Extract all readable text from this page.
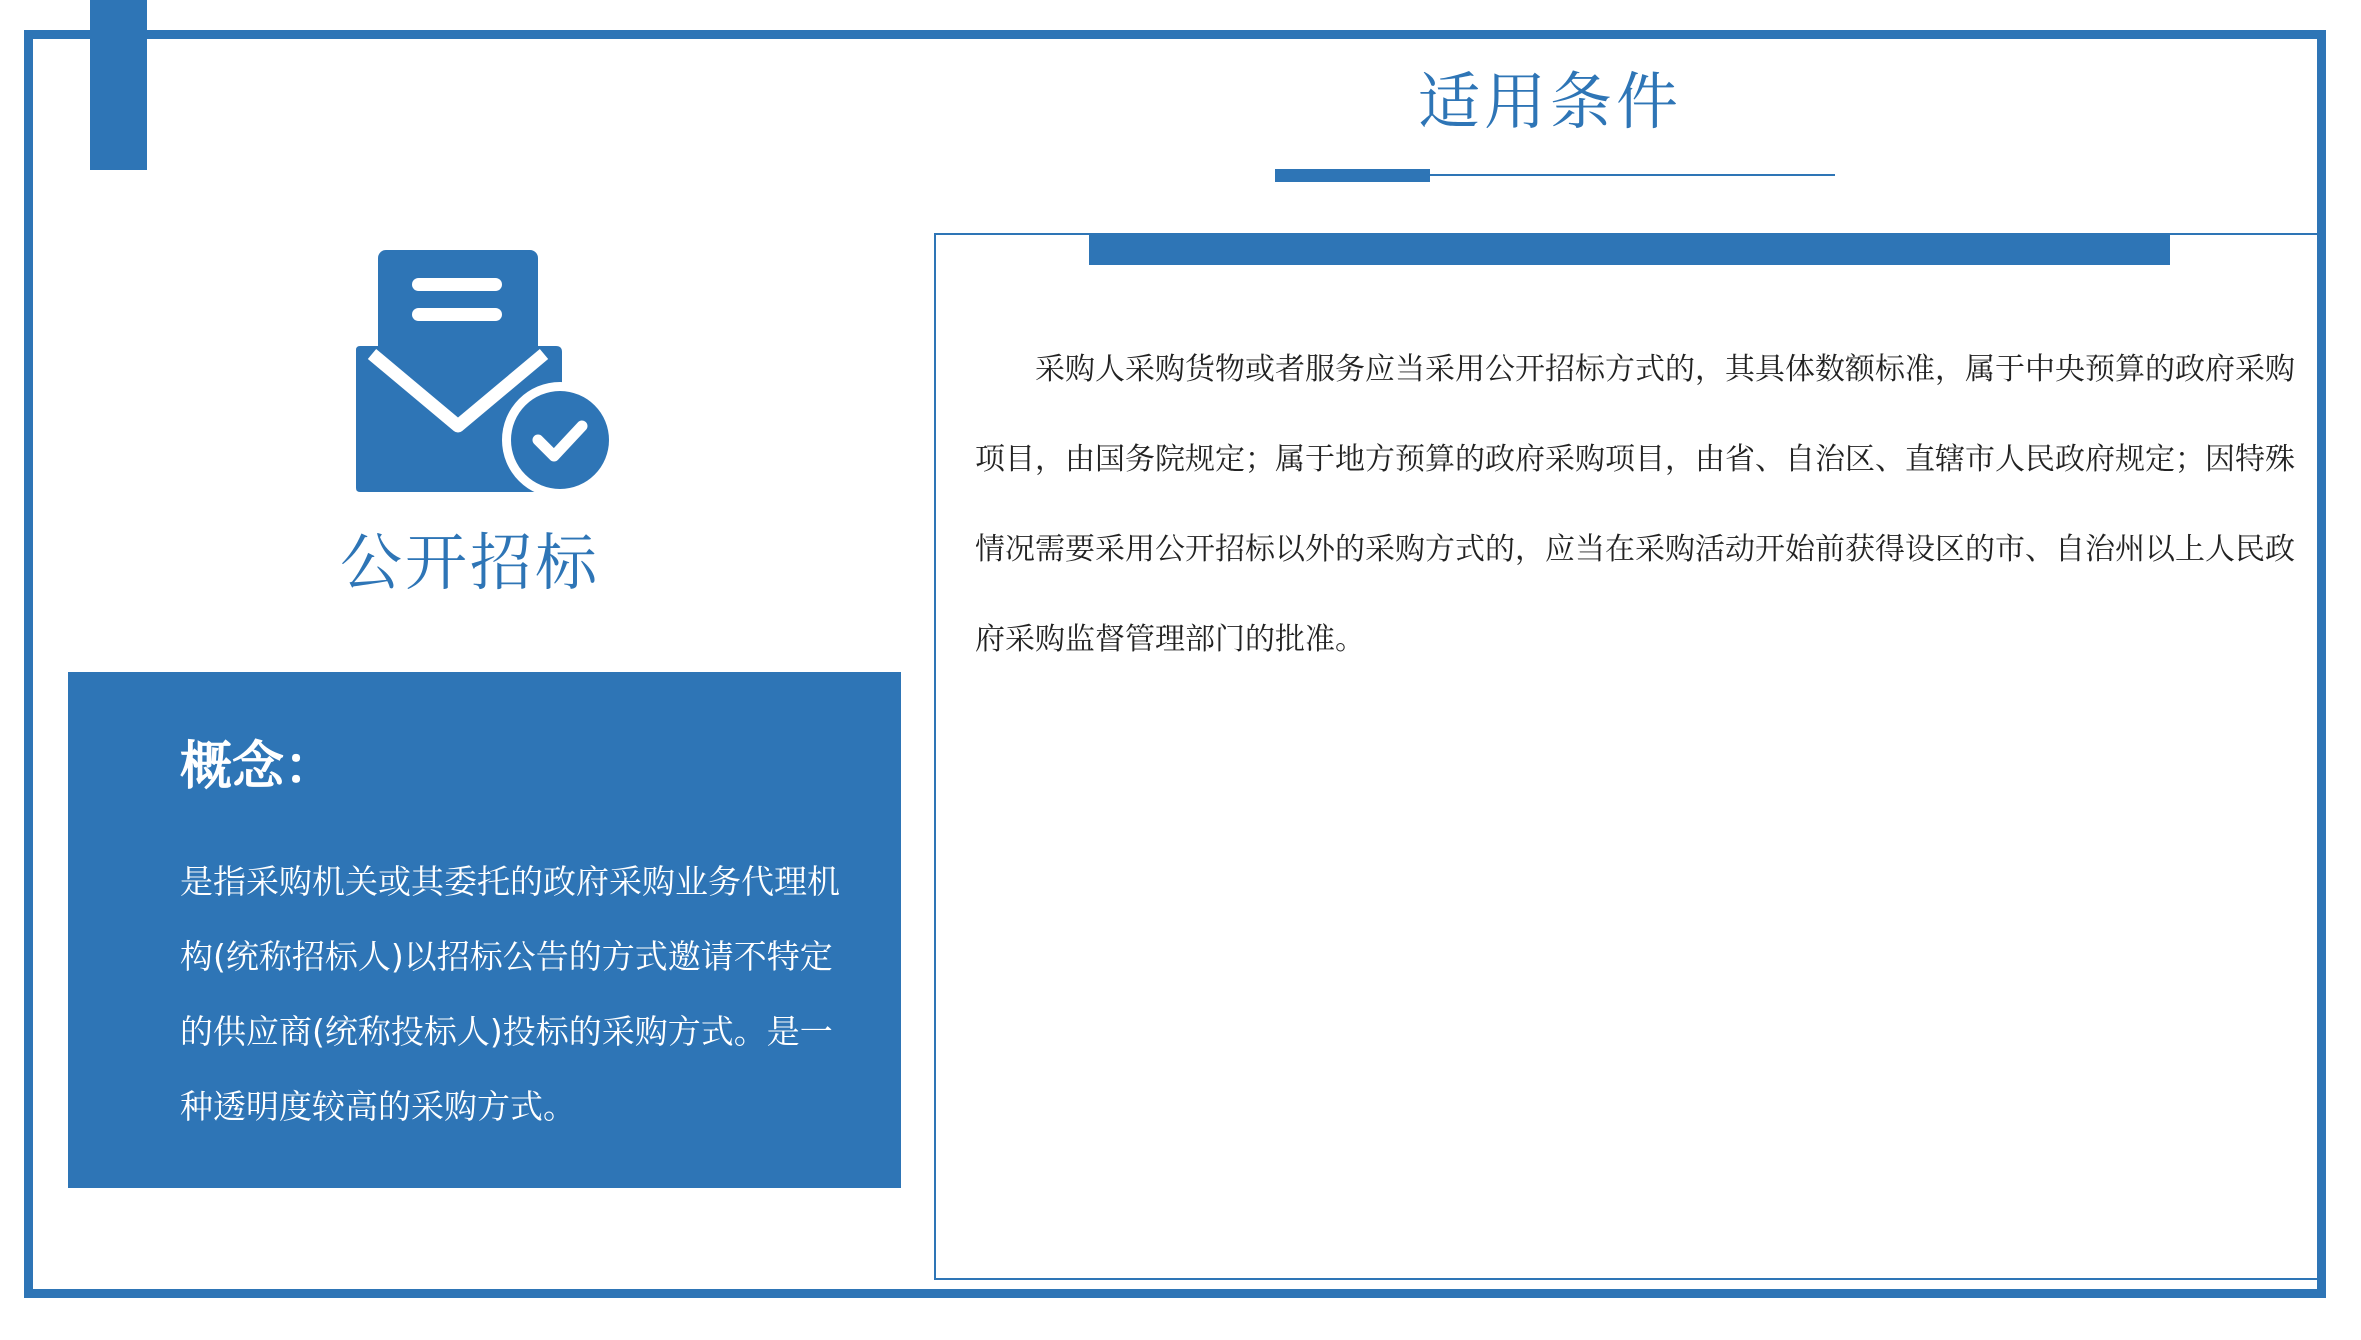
适用条件
公开招标

概念：

是指采购机关或其委托的政府采购业务代理机构(统称招标人)以招标公告的方式邀请不特定的供应商(统称投标人)投标的采购方式。是一种透明度较高的采购方式。

采购人采购货物或者服务应当采用公开招标方式的，其具体数额标准，属于中央预算的政府采购项目，由国务院规定；属于地方预算的政府采购项目，由省、自治区、直辖市人民政府规定；因特殊情况需要采用公开招标以外的采购方式的，应当在采购活动开始前获得设区的市、自治州以上人民政府采购监督管理部门的批准。
